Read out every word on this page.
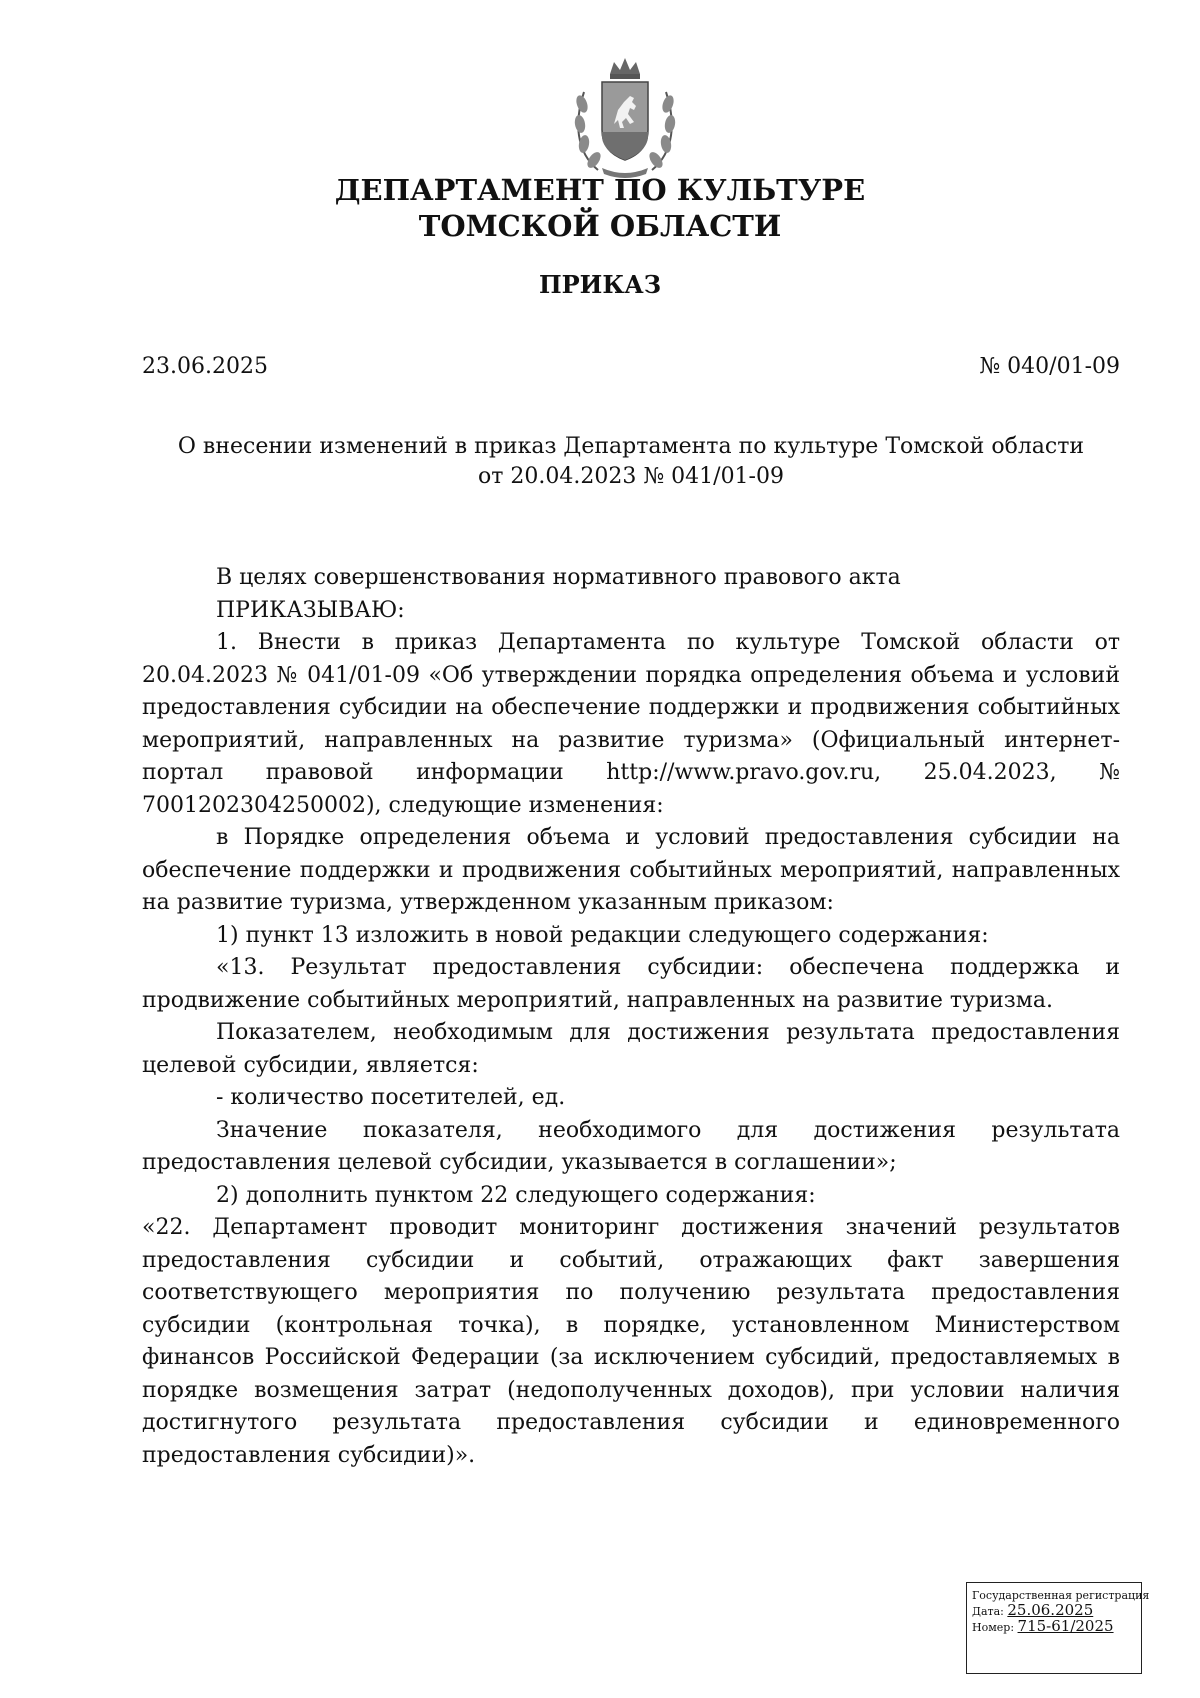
ДЕПАРТАМЕНТ ПО КУЛЬТУРЕ
ТОМСКОЙ ОБЛАСТИ
ПРИКАЗ
23.06.2025	№ 040/01-09
О внесении изменений в приказ Департамента по культуре Томской области
от 20.04.2023 № 041/01-09

В целях совершенствования нормативного правового акта

ПРИКАЗЫВАЮ:

1. Внести в приказ Департамента по культуре Томской области от 20.04.2023 № 041/01-09 «Об утверждении порядка определения объема и условий предоставления субсидии на обеспечение поддержки и продвижения событийных мероприятий, направленных на развитие туризма» (Официальный интернет-портал правовой информации http://www.pravo.gov.ru, 25.04.2023, № 7001202304250002), следующие изменения:

в Порядке определения объема и условий предоставления субсидии на обеспечение поддержки и продвижения событийных мероприятий, направленных на развитие туризма, утвержденном указанным приказом:

1) пункт 13 изложить в новой редакции следующего содержания:

«13. Результат предоставления субсидии: обеспечена поддержка и продвижение событийных мероприятий, направленных на развитие туризма.

Показателем, необходимым для достижения результата предоставления целевой субсидии, является:

- количество посетителей, ед.

Значение показателя, необходимого для достижения результата предоставления целевой субсидии, указывается в соглашении»;

2) дополнить пунктом 22 следующего содержания:

«22. Департамент проводит мониторинг достижения значений результатов предоставления субсидии и событий, отражающих факт завершения соответствующего мероприятия по получению результата предоставления субсидии (контрольная точка), в порядке, установленном Министерством финансов Российской Федерации (за исключением субсидий, предоставляемых в порядке возмещения затрат (недополученных доходов), при условии наличия достигнутого результата предоставления субсидии и единовременного предоставления субсидии)».

Государственная регистрация
Дата: 25.06.2025
Номер: 715-61/2025
